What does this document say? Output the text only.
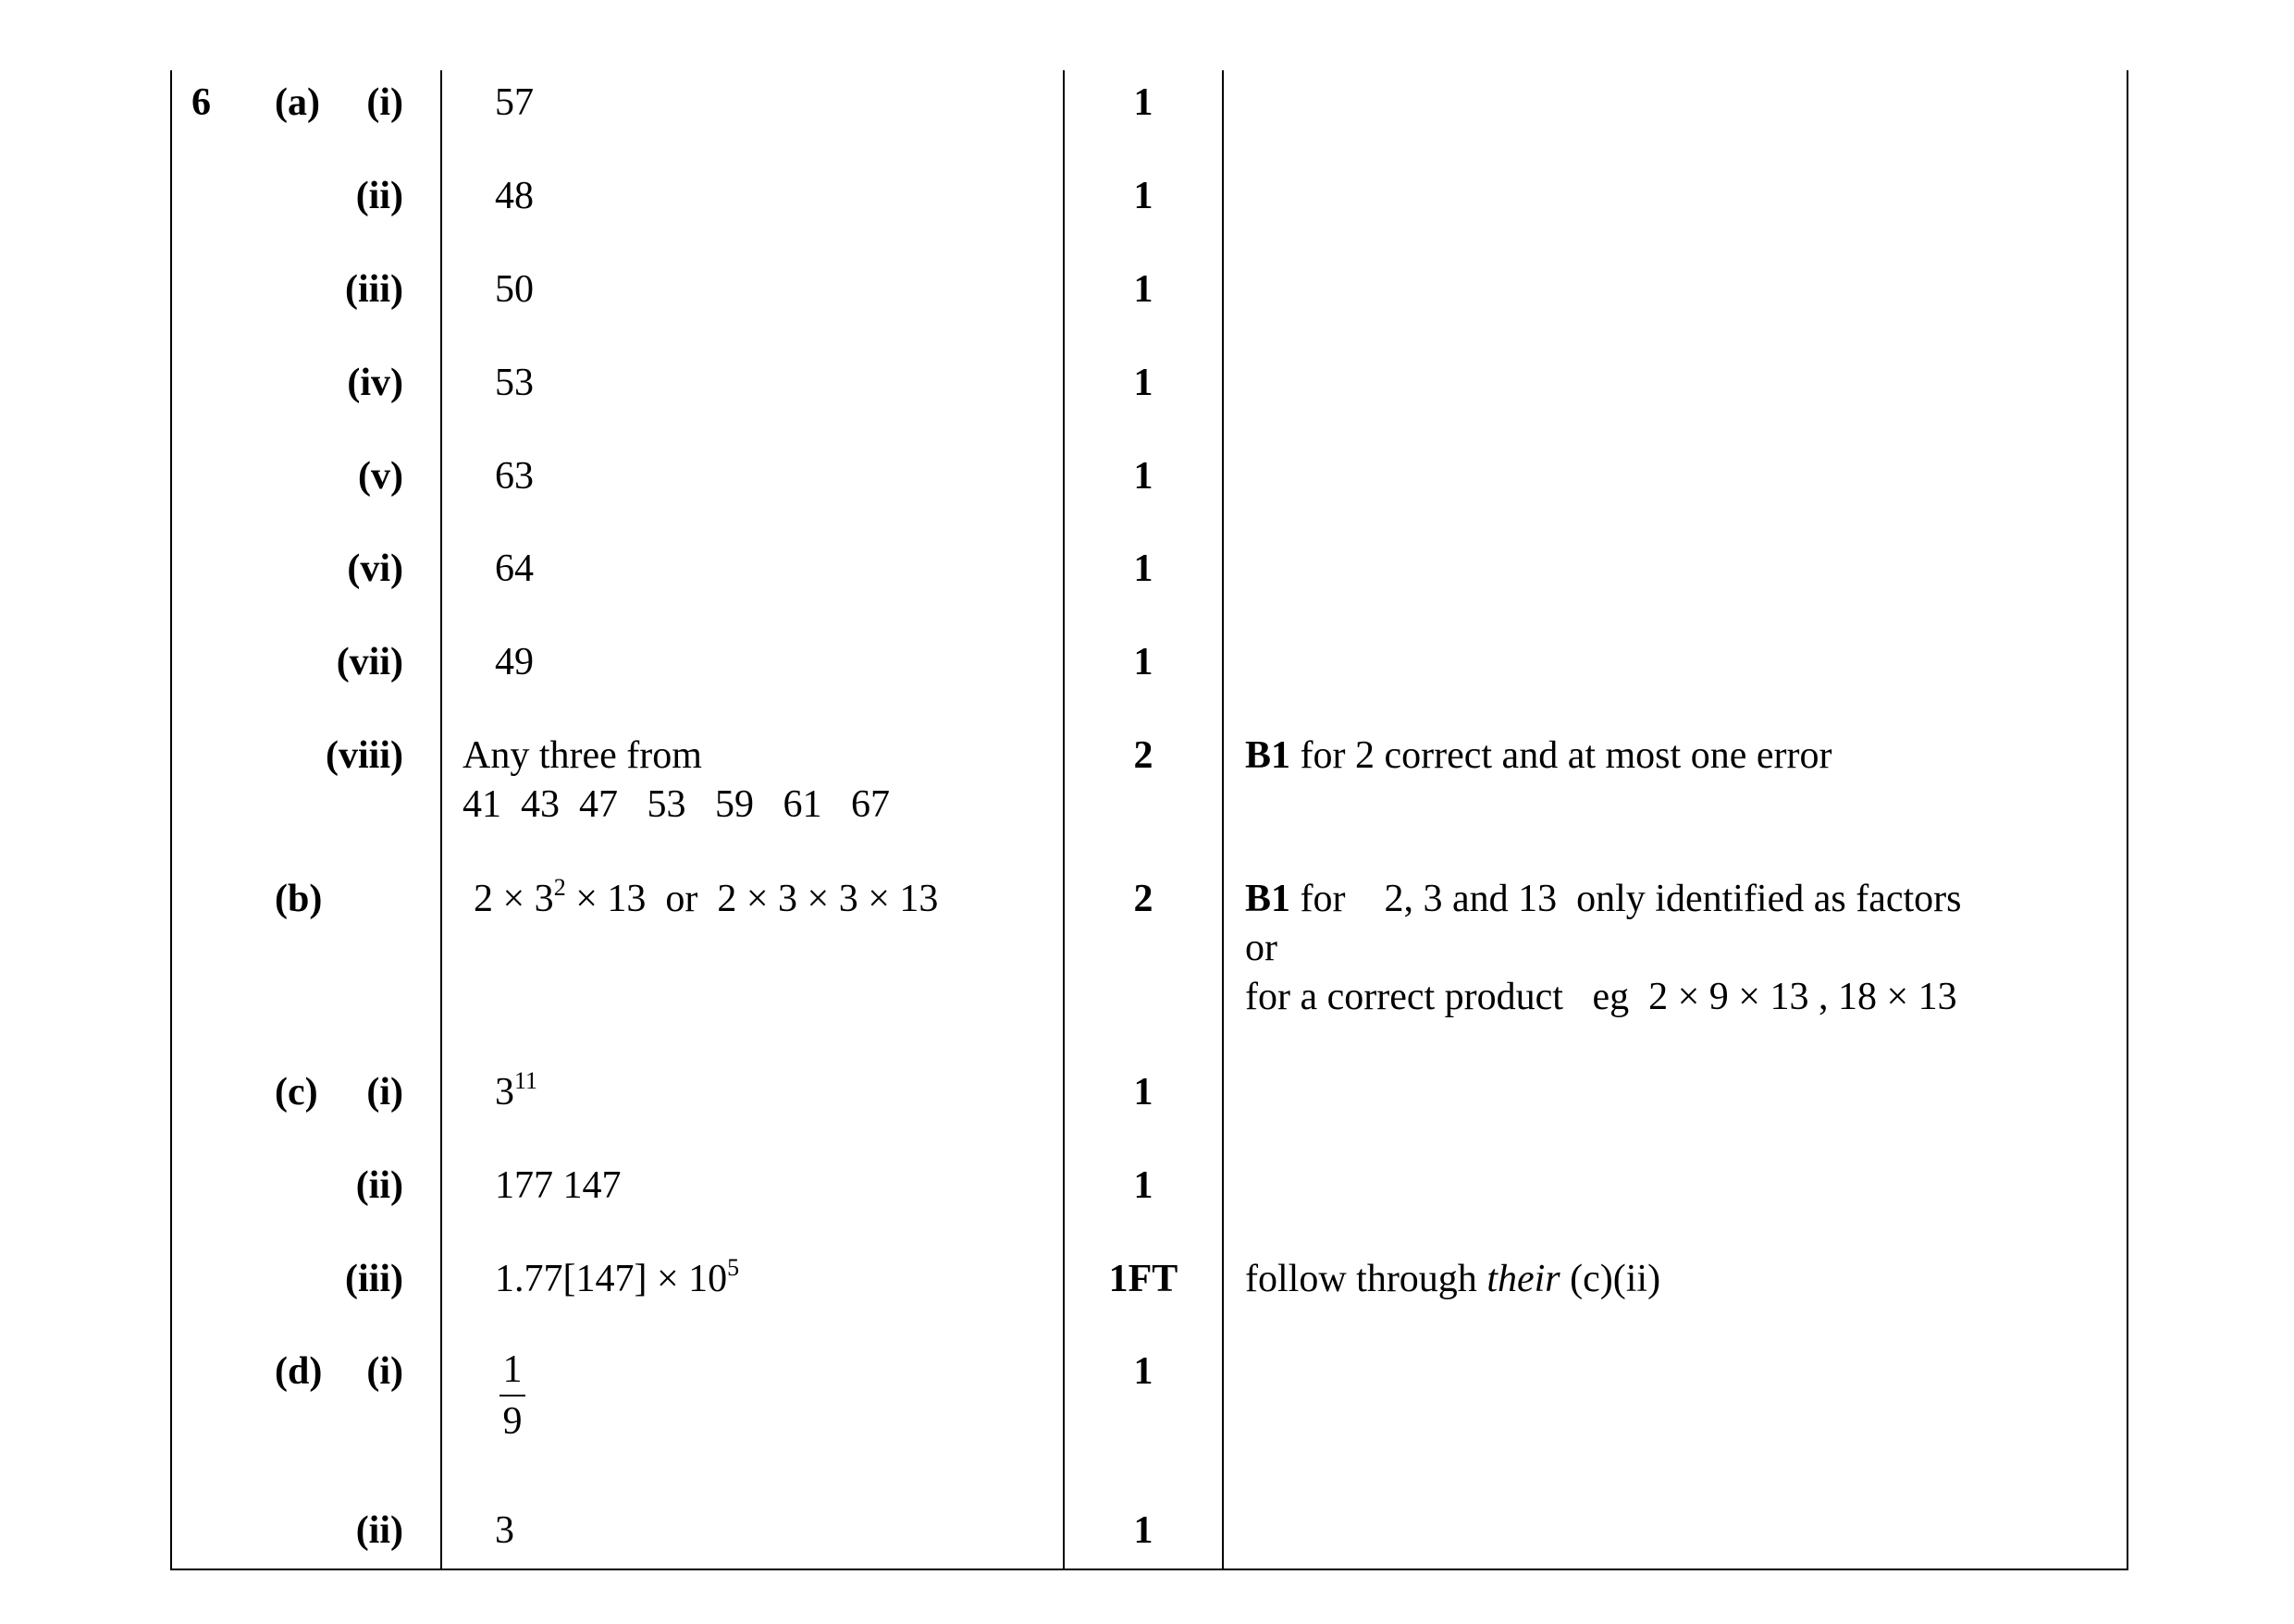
6 (a)
(b)
(c)
(d)
(i)
(ii)
(iii)
(iv)
(v)
(vi)
(vii)
(viii)
(i)
(ii)
(iii)
(i)
(ii)
57
48
50
53
63
64
49
Any three from
41  43  47   53   59   61   67
$2 \times 3^2 \times 13$  or  2 × 3 × 3 × 13
$3^{11}$
177 147
$1.77[147] \times 10^5$
1
9
3
1
1
1
1
1
1
1
2
2
1
1
1FT
1
1
B1 for 2 correct and at most one error
B1 for    2, 3 and 13  only identified as factors
or
for a correct product   eg  2 × 9 × 13 , 18 × 13
follow through their (c)(ii)
